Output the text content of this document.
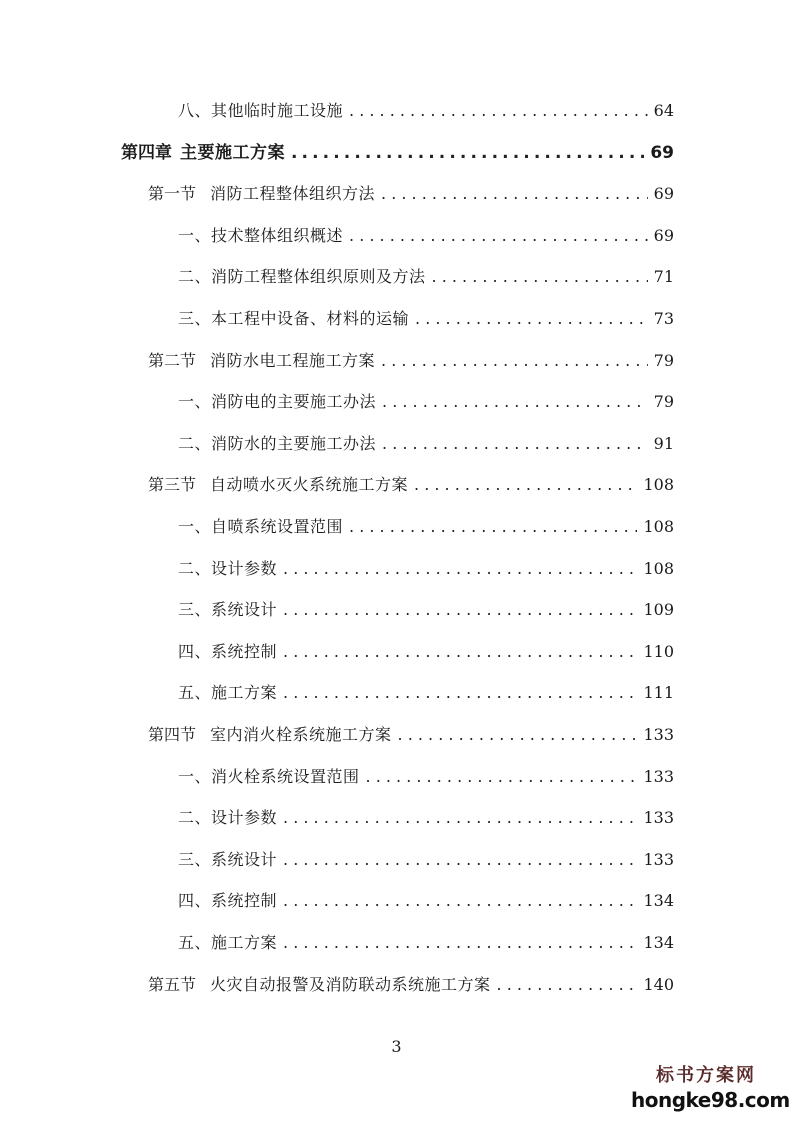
八、其他临时施工设施 . . .	64
第四章 主要施工方案 .....	69
第一节 消防工程整体组织方法 . . .	69
一、技术整体组织概述 . . .	69
二、消防工程整体组织原则及方法 . . .	71
三、本工程中设备、材料的运输 . . .	73
第二节 消防水电工程施工方案 . . .	79
一、消防电的主要施工办法 . . .	79
二、消防水的主要施工办法 . . .	91
第三节 自动喷水灭火系统施工方案 . . .	108
一、自喷系统设置范围 . . .	108
二、设计参数 . . .	108
三、系统设计 . . .	109
四、系统控制 . . .	110
五、施工方案 . . .	111
第四节 室内消火栓系统施工方案 . . .	133
一、消火栓系统设置范围 . . .	133
二、设计参数 . . .	133
三、系统设计 . . .	133
四、系统控制 . . .	134
五、施工方案 . . .	134
第五节 火灾自动报警及消防联动系统施工方案 . . .	140
3
标书方案网
hongke98.com
